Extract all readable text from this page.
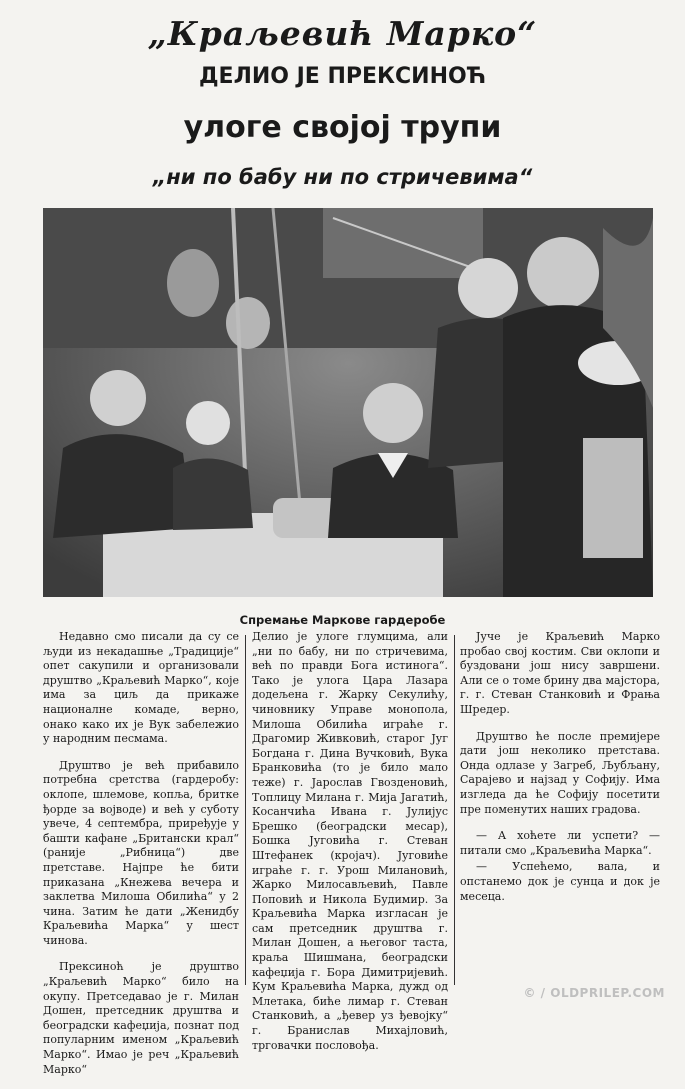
„Краљевић Марко“
ДЕЛИО ЈЕ ПРЕКСИНОЋ
улоге својој трупи
„ни по бабу ни по стричевима“
Спремање Маркове гардеробе

Недавно смо писали да су се људи из некадашње „Традиције“ опет сакупили и организовали друштво „Краљевић Марко“, које има за циљ да прикаже националне комаде, верно, онако како их је Вук забележио у народним песмама.

Друштво је већ прибавило потребна сретства (гардеробу: оклопе, шлемове, копља, бритке ђорде за војводе) и већ у суботу увече, 4 септембра, приређује у башти кафане „Британски крал“ (раније „Рибница“) две претставе. Најпре ће бити приказана „Кнежева вечера и заклетва Милоша Обилића“ у 2 чина. Затим ће дати „Женидбу Краљевића Марка“ у шест чинова.

Прексиноћ је друштво „Краљевић Марко“ било на окупу. Претседавао је г. Милан Дошен, претседник друштва и београдски кафеџија, познат под популарним именом „Краљевић Марко“. Имао је реч „Краљевић Марко“

Делио је улоге глумцима, али „ни по бабу, ни по стричевима, већ по правди Бога истинога“. Тако је улога Цара Лазара додељена г. Жарку Секулићу, чиновнику Управе монопола, Милоша Обилића играће г. Драгомир Живковић, старог Југ Богдана г. Дина Вучковић, Вука Бранковића (то је било мало теже) г. Јарослав Гвозденовић, Топлицу Милана г. Мија Јагатић, Косанчића Ивана г. Јулијус Брешко (београдски месар), Бошка Југовића г. Стеван Штефанек (кројач). Југовиће играће г. г. Урош Милановић, Жарко Милосављевић, Павле Поповић и Никола Будимир. За Краљевића Марка изгласан је сам претседник друштва г. Милан Дошен, а његовог таста, краља Шишмана, београдски кафеџија г. Бора Димитријевић. Кум Краљевића Марка, дужд од Млетака, биће лимар г. Стеван Станковић, а „ђевер уз ђевојку“ г. Бранислав Михајловић, трговачки пословођа.

Јуче је Краљевић Марко пробао свој костим. Сви оклопи и буздовани још нису завршени. Али се о томе брину два мајстора, г. г. Стеван Станковић и Фрања Шредер.

Друштво ће после премијере дати још неколико претстава. Онда одлазе у Загреб, Љубљану, Сарајево и најзад у Софију. Има изгледа да ће Софију посетити пре поменутих наших градова.

— А хоћете ли успети? — питали смо „Краљевића Марка“.

— Успећемо, вала, и опстанемо док је сунца и док је месеца.

© / OLDPRILEP.COM
